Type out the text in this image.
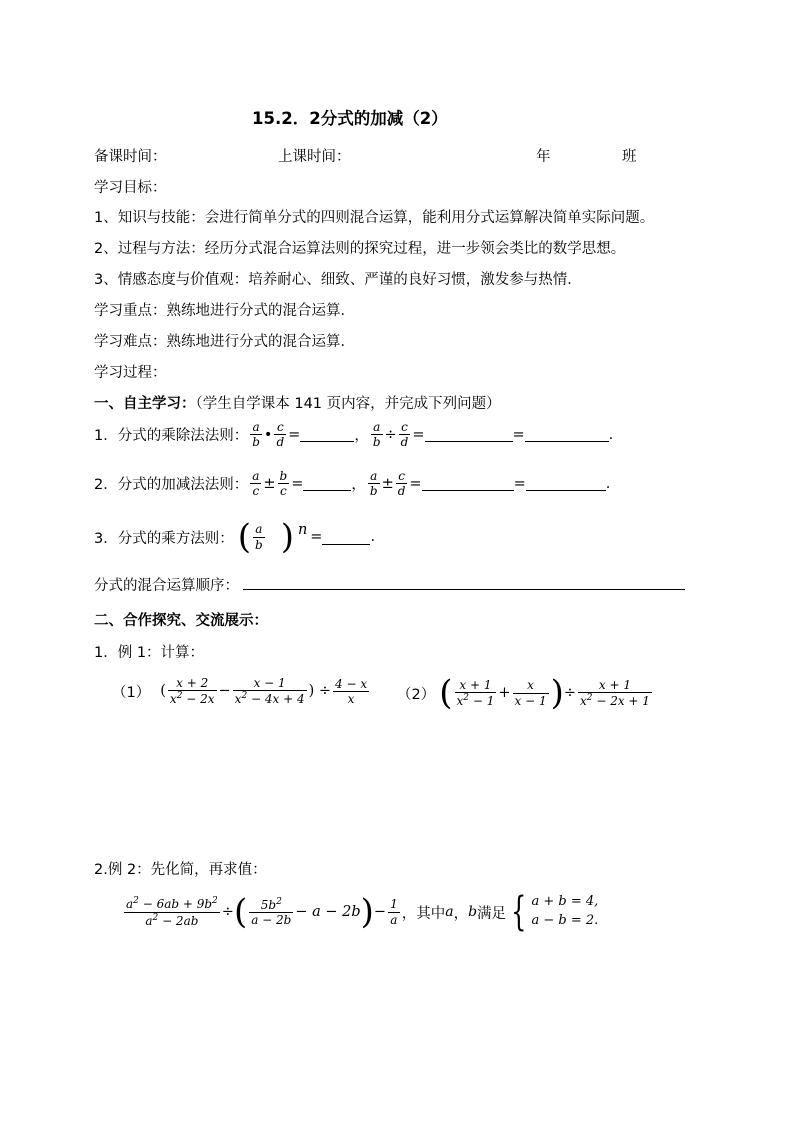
15.2．2分式的加减（2）
备课时间：	上课时间：	年	班
学习目标：
1、知识与技能：会进行简单分式的四则混合运算，能利用分式运算解决简单实际问题。
2、过程与方法：经历分式混合运算法则的探究过程，进一步领会类比的数学思想。
3、情感态度与价值观：培养耐心、细致、严谨的良好习惯，激发参与热情．
学习重点：熟练地进行分式的混合运算．
学习难点：熟练地进行分式的混合运算．
学习过程：
一、自主学习：（学生自学课本 141 页内容，并完成下列问题）
1．分式的乘除法法则： $\frac{a}{b}$ • $\frac{c}{d}$ =	， $\frac{a}{b} \div \frac{c}{d}$ =	=	.
2．分式的加减法法则： $\frac{a}{c} \pm \frac{b}{c}$ =	， $\frac{a}{b} \pm \frac{c}{d}$ =	=	.
3．分式的乘方法则： ( $\frac{a}{b}$ ) n =	.
分式的混合运算顺序：
二、合作探究、交流展示：
1．例 1：计算：
（1） ( $\frac{x + 2}{x^2 - 2x} - \frac{x - 1}{x^2 - 4x + 4}$ ) ÷ $\frac{4 - x}{x} (2)$ ( $\frac{x + 1}{x^2 - 1} + \frac{x}{x - 1}$ ) ÷ $\frac{x + 1}{x^2 - 2x + 1}$
2.例 2：先化简，再求值：
$\frac{a^2 - 6ab + 9b^2}{a^2 - 2ab}$ ÷ ( $\frac{5b^2}{a - 2b} - a - 2b$ ) − $\frac{1}{a}$ ，其中 a ， b 满足 { a + b = 4,
a − b = 2.
